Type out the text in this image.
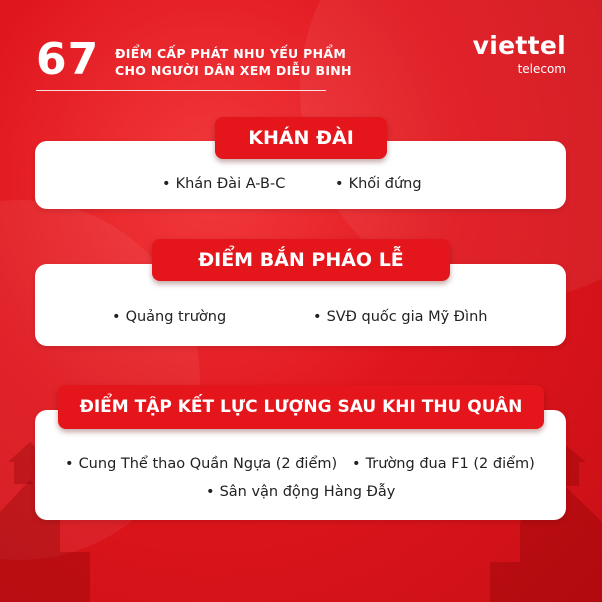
67 ĐIỂM CẤP PHÁT NHU YẾU PHẨM
CHO NGƯỜI DÂN XEM DIỄU BINH
viettel
telecom
• Khán Đài A-B-C	• Khối đứng
KHÁN ĐÀI
• Quảng trường	• SVĐ quốc gia Mỹ Đình
ĐIỂM BẮN PHÁO LỄ
• Cung Thể thao Quần Ngựa (2 điểm) • Trường đua F1 (2 điểm)
• Sân vận động Hàng Đẫy
ĐIỂM TẬP KẾT LỰC LƯỢNG SAU KHI THU QUÂN
